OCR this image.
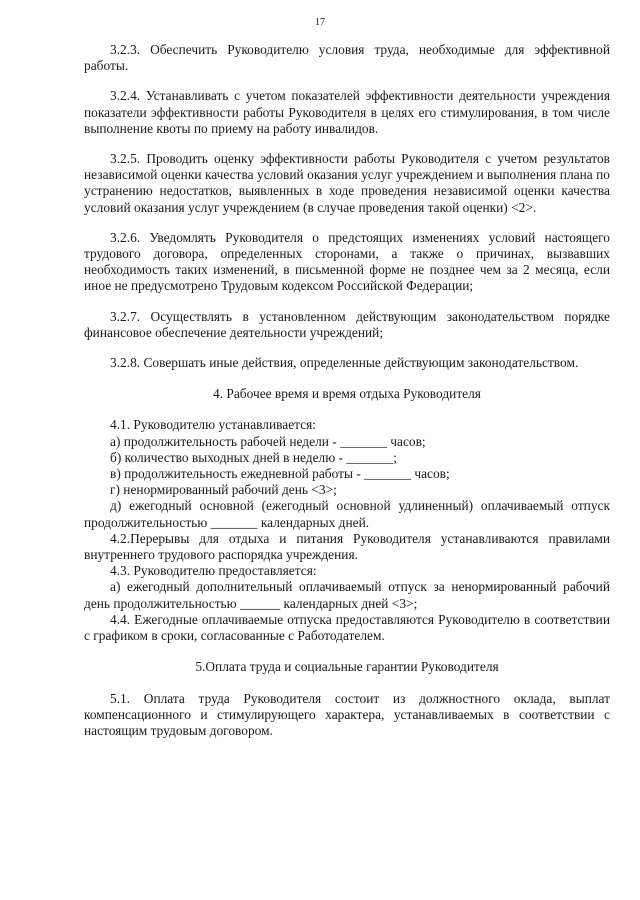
17

3.2.3. Обеспечить Руководителю условия труда, необходимые для эффективной работы.

3.2.4. Устанавливать с учетом показателей эффективности деятельности учреждения показатели эффективности работы Руководителя в целях его стимулирования, в том числе выполнение квоты по приему на работу инвалидов.

3.2.5. Проводить оценку эффективности работы Руководителя с учетом результатов независимой оценки качества условий оказания услуг учреждением и выполнения плана по устранению недостатков, выявленных в ходе проведения независимой оценки качества условий оказания услуг учреждением (в случае проведения такой оценки) <2>.

3.2.6. Уведомлять Руководителя о предстоящих изменениях условий настоящего трудового договора, определенных сторонами, а также о причинах, вызвавших необходимость таких изменений, в письменной форме не позднее чем за 2 месяца, если иное не предусмотрено Трудовым кодексом Российской Федерации;

3.2.7. Осуществлять в установленном действующим законодательством порядке финансовое обеспечение деятельности учреждений;

3.2.8. Совершать иные действия, определенные действующим законодательством.

4. Рабочее время и время отдыха Руководителя

4.1. Руководителю устанавливается:

а) продолжительность рабочей недели - _______ часов;

б) количество выходных дней в неделю - _______;

в) продолжительность ежедневной работы - _______ часов;

г) ненормированный рабочий день <3>;

д) ежегодный основной (ежегодный основной удлиненный) оплачиваемый отпуск продолжительностью _______ календарных дней.

4.2.Перерывы для отдыха и питания Руководителя устанавливаются правилами внутреннего трудового распорядка учреждения.

4.3. Руководителю предоставляется:

а) ежегодный дополнительный оплачиваемый отпуск за ненормированный рабочий день продолжительностью ______ календарных дней <3>;

4.4. Ежегодные оплачиваемые отпуска предоставляются Руководителю в соответствии с графиком в сроки, согласованные с Работодателем.

5.Оплата труда и социальные гарантии Руководителя

5.1. Оплата труда Руководителя состоит из должностного оклада, выплат компенсационного и стимулирующего характера, устанавливаемых в соответствии с настоящим трудовым договором.
